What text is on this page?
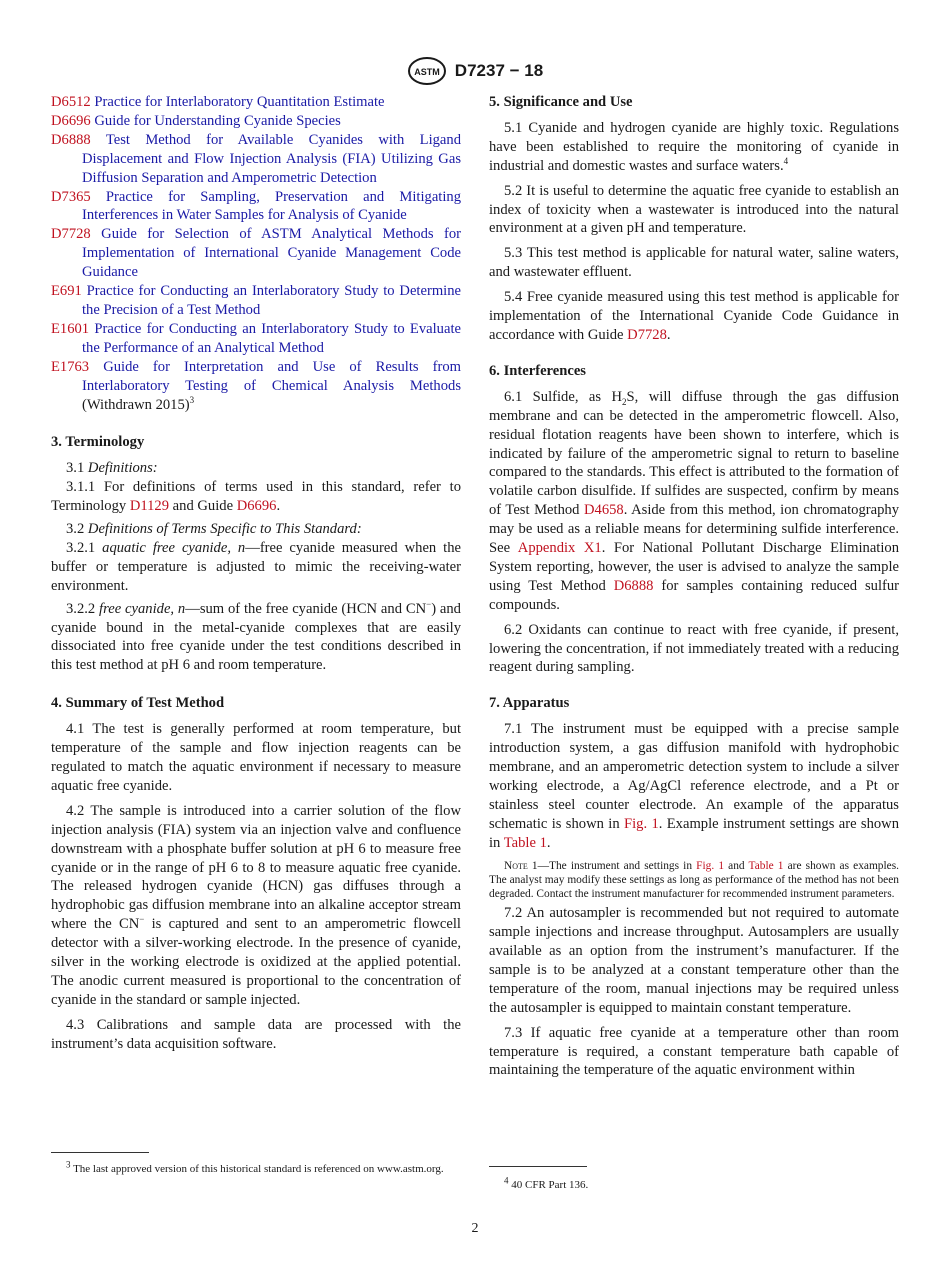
ASTM D7237 − 18

D6512 Practice for Interlaboratory Quantitation Estimate

D6696 Guide for Understanding Cyanide Species

D6888 Test Method for Available Cyanides with Ligand Displacement and Flow Injection Analysis (FIA) Utilizing Gas Diffusion Separation and Amperometric Detection

D7365 Practice for Sampling, Preservation and Mitigating Interferences in Water Samples for Analysis of Cyanide

D7728 Guide for Selection of ASTM Analytical Methods for Implementation of International Cyanide Management Code Guidance

E691 Practice for Conducting an Interlaboratory Study to Determine the Precision of a Test Method

E1601 Practice for Conducting an Interlaboratory Study to Evaluate the Performance of an Analytical Method

E1763 Guide for Interpretation and Use of Results from Interlaboratory Testing of Chemical Analysis Methods (Withdrawn 2015)$^3$

3. Terminology

3.1 Definitions:

3.1.1 For definitions of terms used in this standard, refer to Terminology D1129 and Guide D6696.

3.2 Definitions of Terms Specific to This Standard:

3.2.1 aquatic free cyanide, n—free cyanide measured when the buffer or temperature is adjusted to mimic the receiving-water environment.

3.2.2 free cyanide, n—sum of the free cyanide (HCN and CN−) and cyanide bound in the metal-cyanide complexes that are easily dissociated into free cyanide under the test conditions described in this test method at pH 6 and room temperature.

4. Summary of Test Method

4.1 The test is generally performed at room temperature, but temperature of the sample and flow injection reagents can be regulated to match the aquatic environment if necessary to measure aquatic free cyanide.

4.2 The sample is introduced into a carrier solution of the flow injection analysis (FIA) system via an injection valve and confluence downstream with a phosphate buffer solution at pH 6 to measure free cyanide or in the range of pH 6 to 8 to measure aquatic free cyanide. The released hydrogen cyanide (HCN) gas diffuses through a hydrophobic gas diffusion membrane into an alkaline acceptor stream where the CN− is captured and sent to an amperometric flowcell detector with a silver-working electrode. In the presence of cyanide, silver in the working electrode is oxidized at the applied potential. The anodic current measured is proportional to the concentration of cyanide in the standard or sample injected.

4.3 Calibrations and sample data are processed with the instrument’s data acquisition software.

$^3$ The last approved version of this historical standard is referenced on www.astm.org.
5. Significance and Use

5.1 Cyanide and hydrogen cyanide are highly toxic. Regulations have been established to require the monitoring of cyanide in industrial and domestic wastes and surface waters.$^4$

5.2 It is useful to determine the aquatic free cyanide to establish an index of toxicity when a wastewater is introduced into the natural environment at a given pH and temperature.

5.3 This test method is applicable for natural water, saline waters, and wastewater effluent.

5.4 Free cyanide measured using this test method is applicable for implementation of the International Cyanide Code Guidance in accordance with Guide D7728.

6. Interferences

6.1 Sulfide, as $H_2S$, will diffuse through the gas diffusion membrane and can be detected in the amperometric flowcell. Also, residual flotation reagents have been shown to interfere, which is indicated by failure of the amperometric signal to return to baseline compared to the standards. This effect is attributed to the formation of volatile carbon disulfide. If sulfides are suspected, confirm by means of Test Method D4658. Aside from this method, ion chromatography may be used as a reliable means for determining sulfide interference. See Appendix X1. For National Pollutant Discharge Elimination System reporting, however, the user is advised to analyze the sample using Test Method D6888 for samples containing reduced sulfur compounds.

6.2 Oxidants can continue to react with free cyanide, if present, lowering the concentration, if not immediately treated with a reducing reagent during sampling.

7. Apparatus

7.1 The instrument must be equipped with a precise sample introduction system, a gas diffusion manifold with hydrophobic membrane, and an amperometric detection system to include a silver working electrode, a Ag/AgCl reference electrode, and a Pt or stainless steel counter electrode. An example of the apparatus schematic is shown in Fig. 1. Example instrument settings are shown in Table 1.

Note 1—The instrument and settings in Fig. 1 and Table 1 are shown as examples. The analyst may modify these settings as long as performance of the method has not been degraded. Contact the instrument manufacturer for recommended instrument parameters.

7.2 An autosampler is recommended but not required to automate sample injections and increase throughput. Autosamplers are usually available as an option from the instrument’s manufacturer. If the sample is to be analyzed at a constant temperature other than the temperature of the room, manual injections may be required unless the autosampler is equipped to maintain constant temperature.

7.3 If aquatic free cyanide at a temperature other than room temperature is required, a constant temperature bath capable of maintaining the temperature of the aquatic environment within

$^4$ 40 CFR Part 136.
2
